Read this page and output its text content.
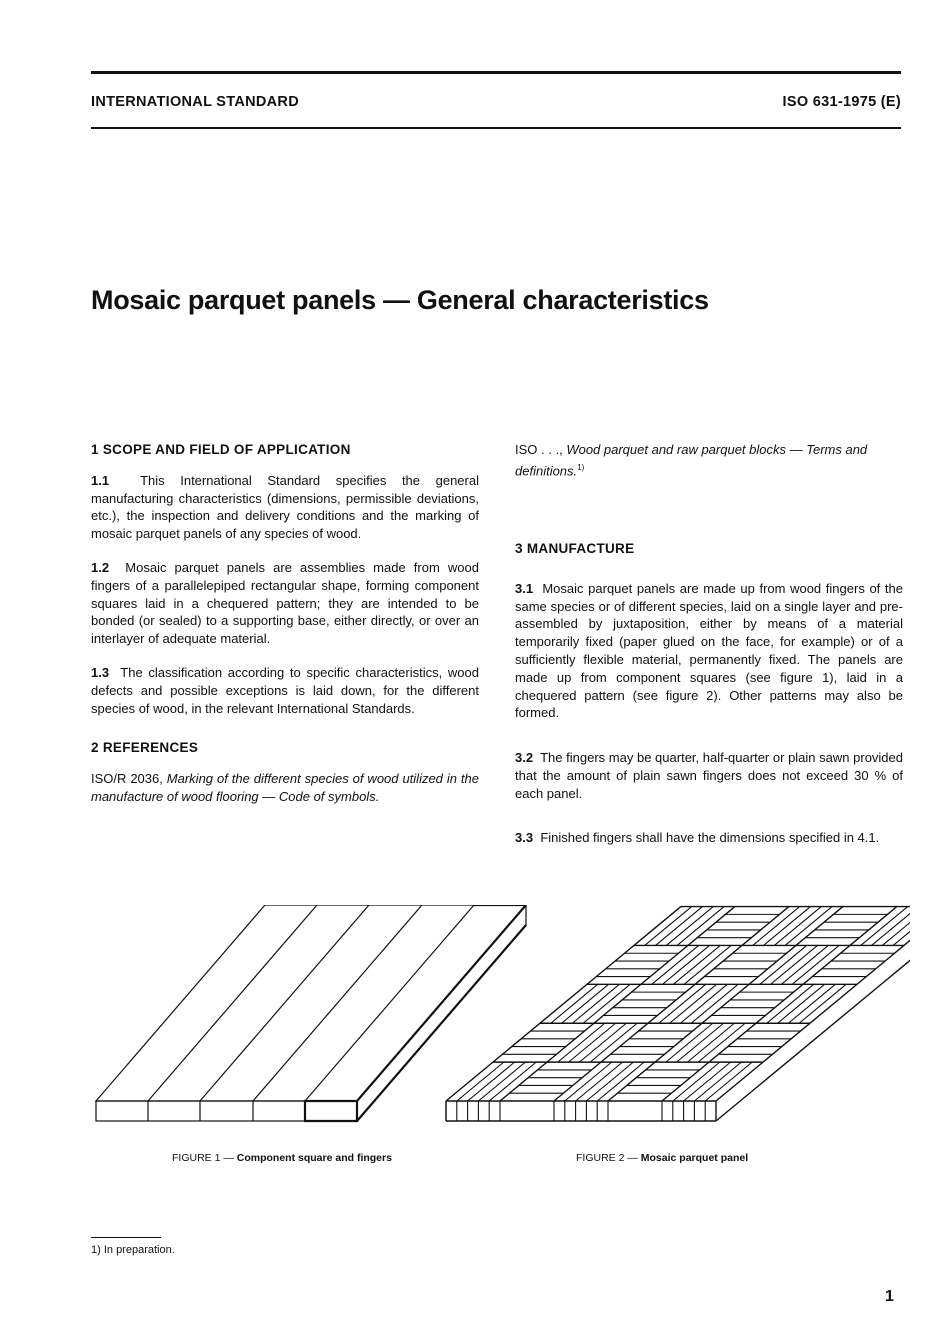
INTERNATIONAL STANDARD	ISO 631-1975 (E)
Mosaic parquet panels — General characteristics

1 SCOPE AND FIELD OF APPLICATION

1.1 This International Standard specifies the general manufacturing characteristics (dimensions, permissible deviations, etc.), the inspection and delivery conditions and the marking of mosaic parquet panels of any species of wood.

1.2 Mosaic parquet panels are assemblies made from wood fingers of a parallelepiped rectangular shape, forming component squares laid in a chequered pattern; they are intended to be bonded (or sealed) to a supporting base, either directly, or over an interlayer of adequate material.

1.3 The classification according to specific characteristics, wood defects and possible exceptions is laid down, for the different species of wood, in the relevant International Standards.

2 REFERENCES

ISO/R 2036, Marking of the different species of wood utilized in the manufacture of wood flooring — Code of symbols.

ISO . . ., Wood parquet and raw parquet blocks — Terms and definitions.$^{1)}$

3 MANUFACTURE

3.1 Mosaic parquet panels are made up from wood fingers of the same species or of different species, laid on a single layer and pre-assembled by juxtaposition, either by means of a material temporarily fixed (paper glued on the face, for example) or of a sufficiently flexible material, permanently fixed. The panels are made up from component squares (see figure 1), laid in a chequered pattern (see figure 2). Other patterns may also be formed.

3.2 The fingers may be quarter, half-quarter or plain sawn provided that the amount of plain sawn fingers does not exceed 30 % of each panel.

3.3 Finished fingers shall have the dimensions specified in 4.1.

FIGURE 1 — Component square and fingers	FIGURE 2 — Mosaic parquet panel
1) In preparation.
1
